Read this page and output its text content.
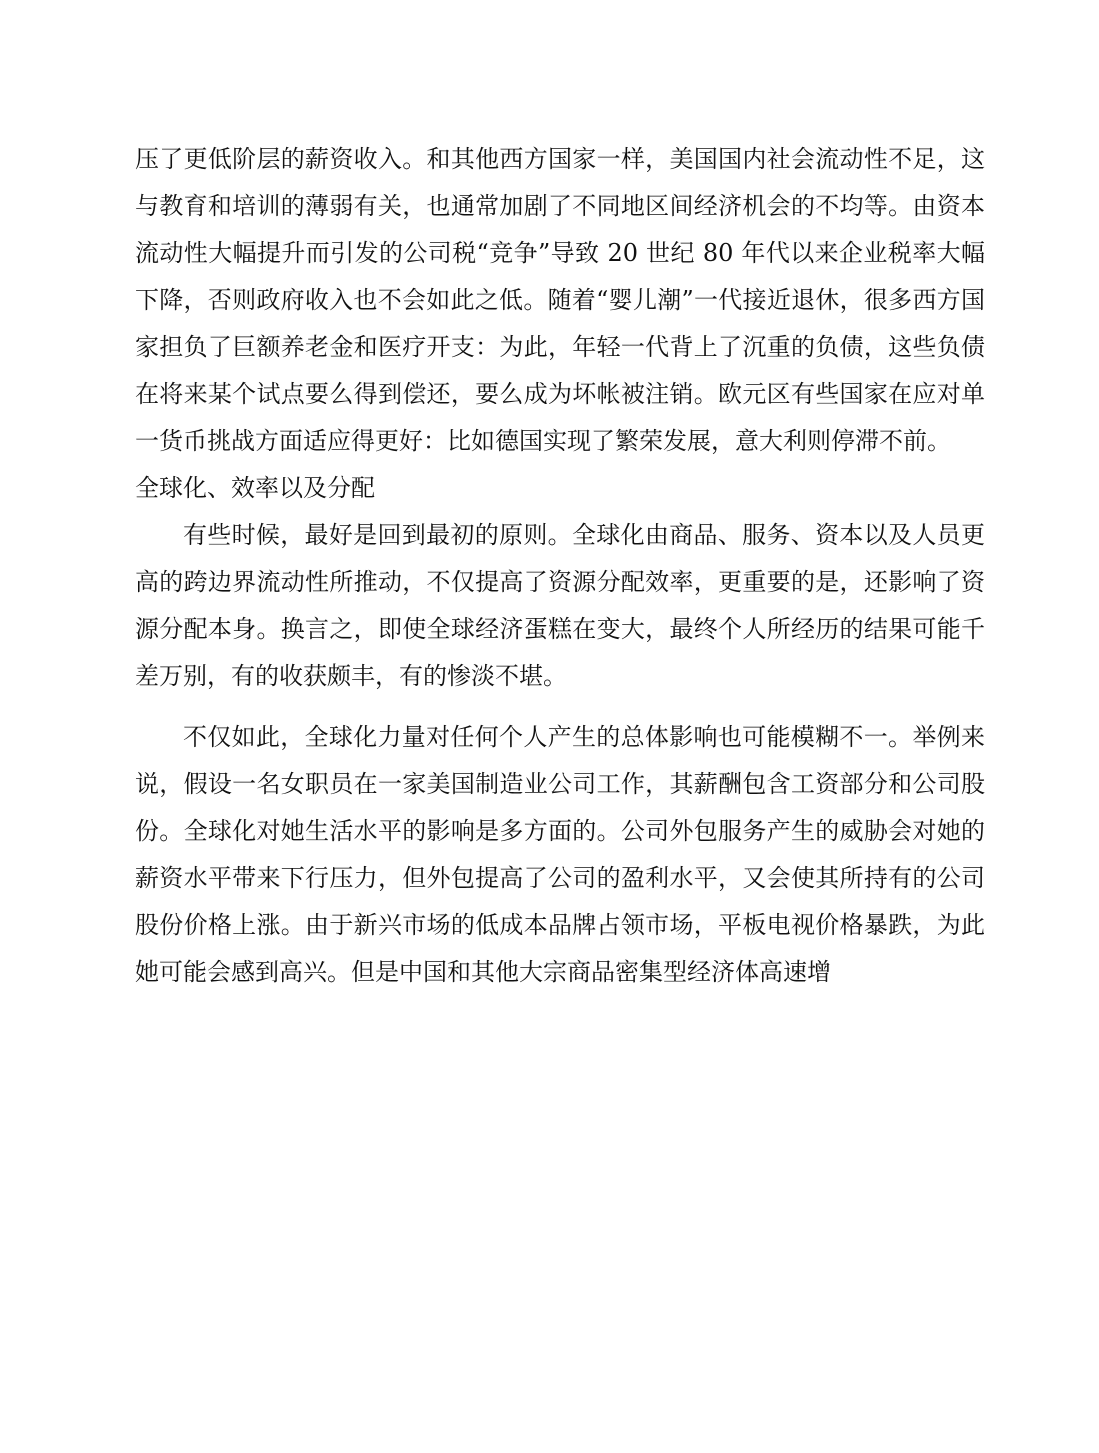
压了更低阶层的薪资收入。和其他西方国家一样，美国国内社会流动性不足，这与教育和培训的薄弱有关，也通常加剧了不同地区间经济机会的不均等。由资本流动性大幅提升而引发的公司税“竞争”导致 20 世纪 80 年代以来企业税率大幅下降，否则政府收入也不会如此之低。随着“婴儿潮”一代接近退休，很多西方国家担负了巨额养老金和医疗开支：为此，年轻一代背上了沉重的负债，这些负债在将来某个试点要么得到偿还，要么成为坏帐被注销。欧元区有些国家在应对单一货币挑战方面适应得更好：比如德国实现了繁荣发展，意大利则停滞不前。

全球化、效率以及分配

有些时候，最好是回到最初的原则。全球化由商品、服务、资本以及人员更高的跨边界流动性所推动，不仅提高了资源分配效率，更重要的是，还影响了资源分配本身。换言之，即使全球经济蛋糕在变大，最终个人所经历的结果可能千差万别，有的收获颇丰，有的惨淡不堪。

不仅如此，全球化力量对任何个人产生的总体影响也可能模糊不一。举例来说，假设一名女职员在一家美国制造业公司工作，其薪酬包含工资部分和公司股份。全球化对她生活水平的影响是多方面的。公司外包服务产生的威胁会对她的薪资水平带来下行压力，但外包提高了公司的盈利水平，又会使其所持有的公司股份价格上涨。由于新兴市场的低成本品牌占领市场，平板电视价格暴跌，为此她可能会感到高兴。但是中国和其他大宗商品密集型经济体高速增
